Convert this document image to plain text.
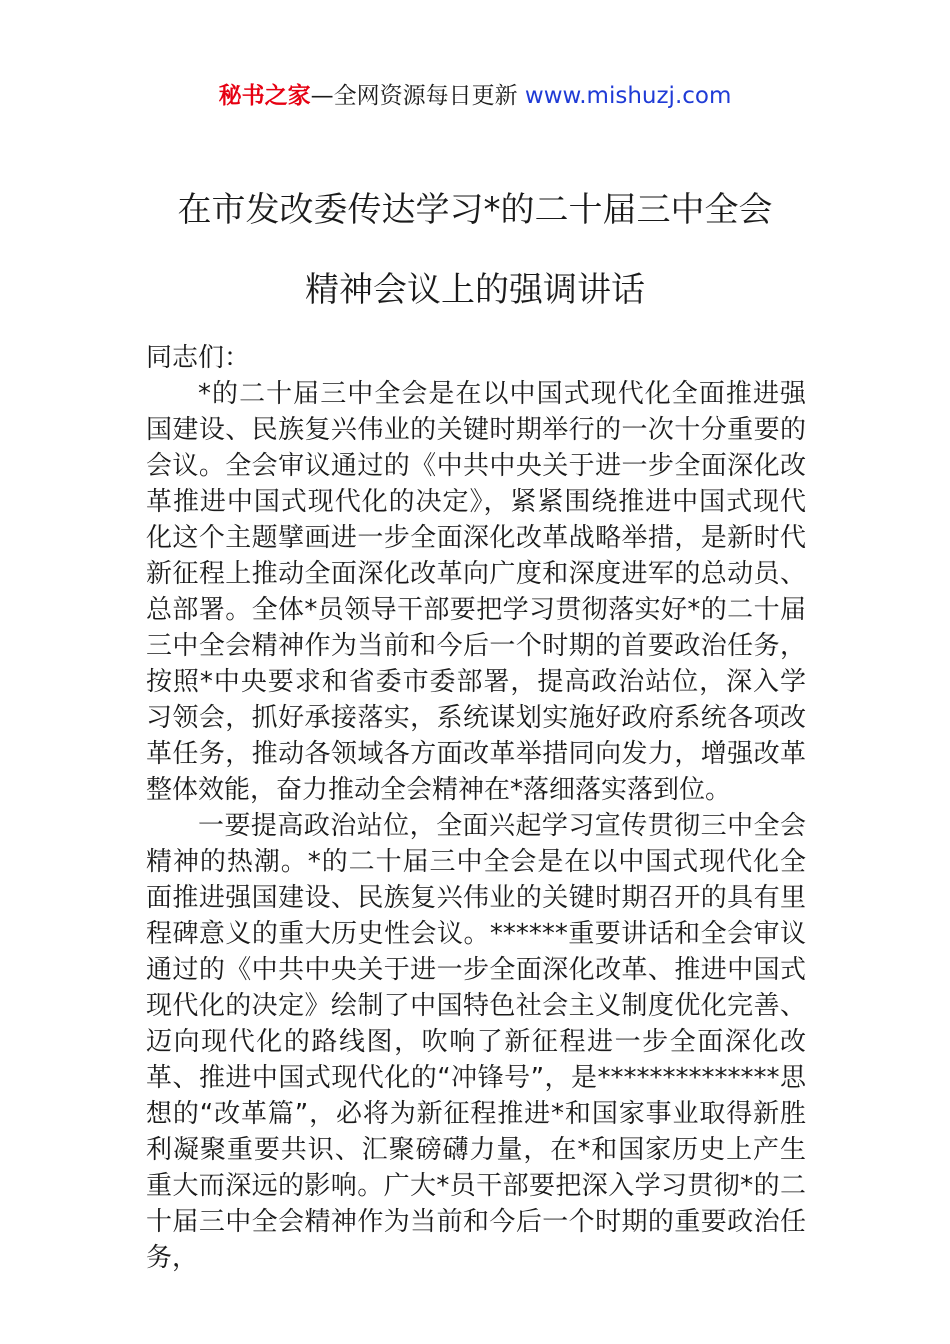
秘书之家—全网资源每日更新 www.mishuzj.com
在市发改委传达学习*的二十届三中全会
精神会议上的强调讲话

同志们：

*的二十届三中全会是在以中国式现代化全面推进强国建设、民族复兴伟业的关键时期举行的一次十分重要的会议。全会审议通过的《中共中央关于进一步全面深化改革推进中国式现代化的决定》，紧紧围绕推进中国式现代化这个主题擘画进一步全面深化改革战略举措，是新时代新征程上推动全面深化改革向广度和深度进军的总动员、总部署。全体*员领导干部要把学习贯彻落实好*的二十届三中全会精神作为当前和今后一个时期的首要政治任务，按照*中央要求和省委市委部署，提高政治站位，深入学习领会，抓好承接落实，系统谋划实施好政府系统各项改革任务，推动各领域各方面改革举措同向发力，增强改革整体效能，奋力推动全会精神在*落细落实落到位。

一要提高政治站位，全面兴起学习宣传贯彻三中全会精神的热潮。*的二十届三中全会是在以中国式现代化全面推进强国建设、民族复兴伟业的关键时期召开的具有里程碑意义的重大历史性会议。******重要讲话和全会审议通过的《中共中央关于进一步全面深化改革、推进中国式现代化的决定》绘制了中国特色社会主义制度优化完善、迈向现代化的路线图，吹响了新征程进一步全面深化改革、推进中国式现代化的“冲锋号”，是**************思想的“改革篇”，必将为新征程推进*和国家事业取得新胜利凝聚重要共识、汇聚磅礴力量，在*和国家历史上产生重大而深远的影响。广大*员干部要把深入学习贯彻*的二十届三中全会精神作为当前和今后一个时期的重要政治任务，
